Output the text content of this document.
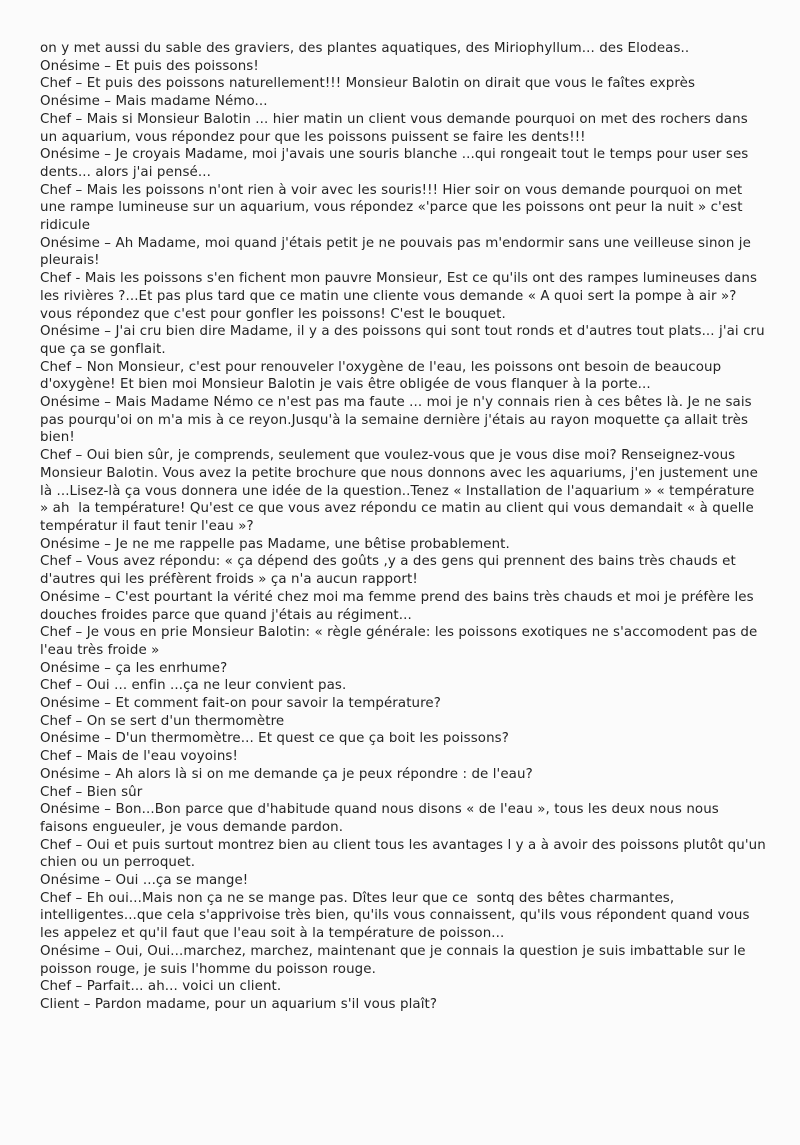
on y met aussi du sable des graviers, des plantes aquatiques, des Miriophyllum... des Elodeas..

Onésime – Et puis des poissons!

Chef – Et puis des poissons naturellement!!! Monsieur Balotin on dirait que vous le faîtes exprès

Onésime – Mais madame Némo...

Chef – Mais si Monsieur Balotin ... hier matin un client vous demande pourquoi on met des rochers dans un aquarium, vous répondez pour que les poissons puissent se faire les dents!!!

Onésime – Je croyais Madame, moi j'avais une souris blanche ...qui rongeait tout le temps pour user ses dents... alors j'ai pensé...

Chef – Mais les poissons n'ont rien à voir avec les souris!!! Hier soir on vous demande pourquoi on met une rampe lumineuse sur un aquarium, vous répondez «'parce que les poissons ont peur la nuit » c'est ridicule

Onésime – Ah Madame, moi quand j'étais petit je ne pouvais pas m'endormir sans une veilleuse sinon je pleurais!

Chef - Mais les poissons s'en fichent mon pauvre Monsieur, Est ce qu'ils ont des rampes lumineuses dans les rivières ?...Et pas plus tard que ce matin une cliente vous demande « A quoi sert la pompe à air »? vous répondez que c'est pour gonfler les poissons! C'est le bouquet.

Onésime – J'ai cru bien dire Madame, il y a des poissons qui sont tout ronds et d'autres tout plats... j'ai cru que ça se gonflait.

Chef – Non Monsieur, c'est pour renouveler l'oxygène de l'eau, les poissons ont besoin de beaucoup d'oxygène! Et bien moi Monsieur Balotin je vais être obligée de vous flanquer à la porte...

Onésime – Mais Madame Némo ce n'est pas ma faute ... moi je n'y connais rien à ces bêtes là. Je ne sais pas pourqu'oi on m'a mis à ce reyon.Jusqu'à la semaine dernière j'étais au rayon moquette ça allait très bien!

Chef – Oui bien sûr, je comprends, seulement que voulez-vous que je vous dise moi? Renseignez-vous Monsieur Balotin. Vous avez la petite brochure que nous donnons avec les aquariums, j'en justement une là ...Lisez-là ça vous donnera une idée de la question..Tenez « Installation de l'aquarium » « température » ah  la température! Qu'est ce que vous avez répondu ce matin au client qui vous demandait « à quelle températur il faut tenir l'eau »?

Onésime – Je ne me rappelle pas Madame, une bêtise probablement.

Chef – Vous avez répondu: « ça dépend des goûts ,y a des gens qui prennent des bains très chauds et d'autres qui les préfèrent froids » ça n'a aucun rapport!

Onésime – C'est pourtant la vérité chez moi ma femme prend des bains très chauds et moi je préfère les douches froides parce que quand j'étais au régiment...

Chef – Je vous en prie Monsieur Balotin: « règle générale: les poissons exotiques ne s'accomodent pas de l'eau très froide »

Onésime – ça les enrhume?

Chef – Oui ... enfin ...ça ne leur convient pas.

Onésime – Et comment fait-on pour savoir la température?

Chef – On se sert d'un thermomètre

Onésime – D'un thermomètre... Et quest ce que ça boit les poissons?

Chef – Mais de l'eau voyoins!

Onésime – Ah alors là si on me demande ça je peux répondre : de l'eau?

Chef – Bien sûr

Onésime – Bon...Bon parce que d'habitude quand nous disons « de l'eau », tous les deux nous nous faisons engueuler, je vous demande pardon.

Chef – Oui et puis surtout montrez bien au client tous les avantages l y a à avoir des poissons plutôt qu'un chien ou un perroquet.

Onésime – Oui ...ça se mange!

Chef – Eh oui...Mais non ça ne se mange pas. Dîtes leur que ce  sontq des bêtes charmantes, intelligentes...que cela s'apprivoise très bien, qu'ils vous connaissent, qu'ils vous répondent quand vous les appelez et qu'il faut que l'eau soit à la température de poisson...

Onésime – Oui, Oui...marchez, marchez, maintenant que je connais la question je suis imbattable sur le poisson rouge, je suis l'homme du poisson rouge.

Chef – Parfait... ah... voici un client.

Client – Pardon madame, pour un aquarium s'il vous plaît?
